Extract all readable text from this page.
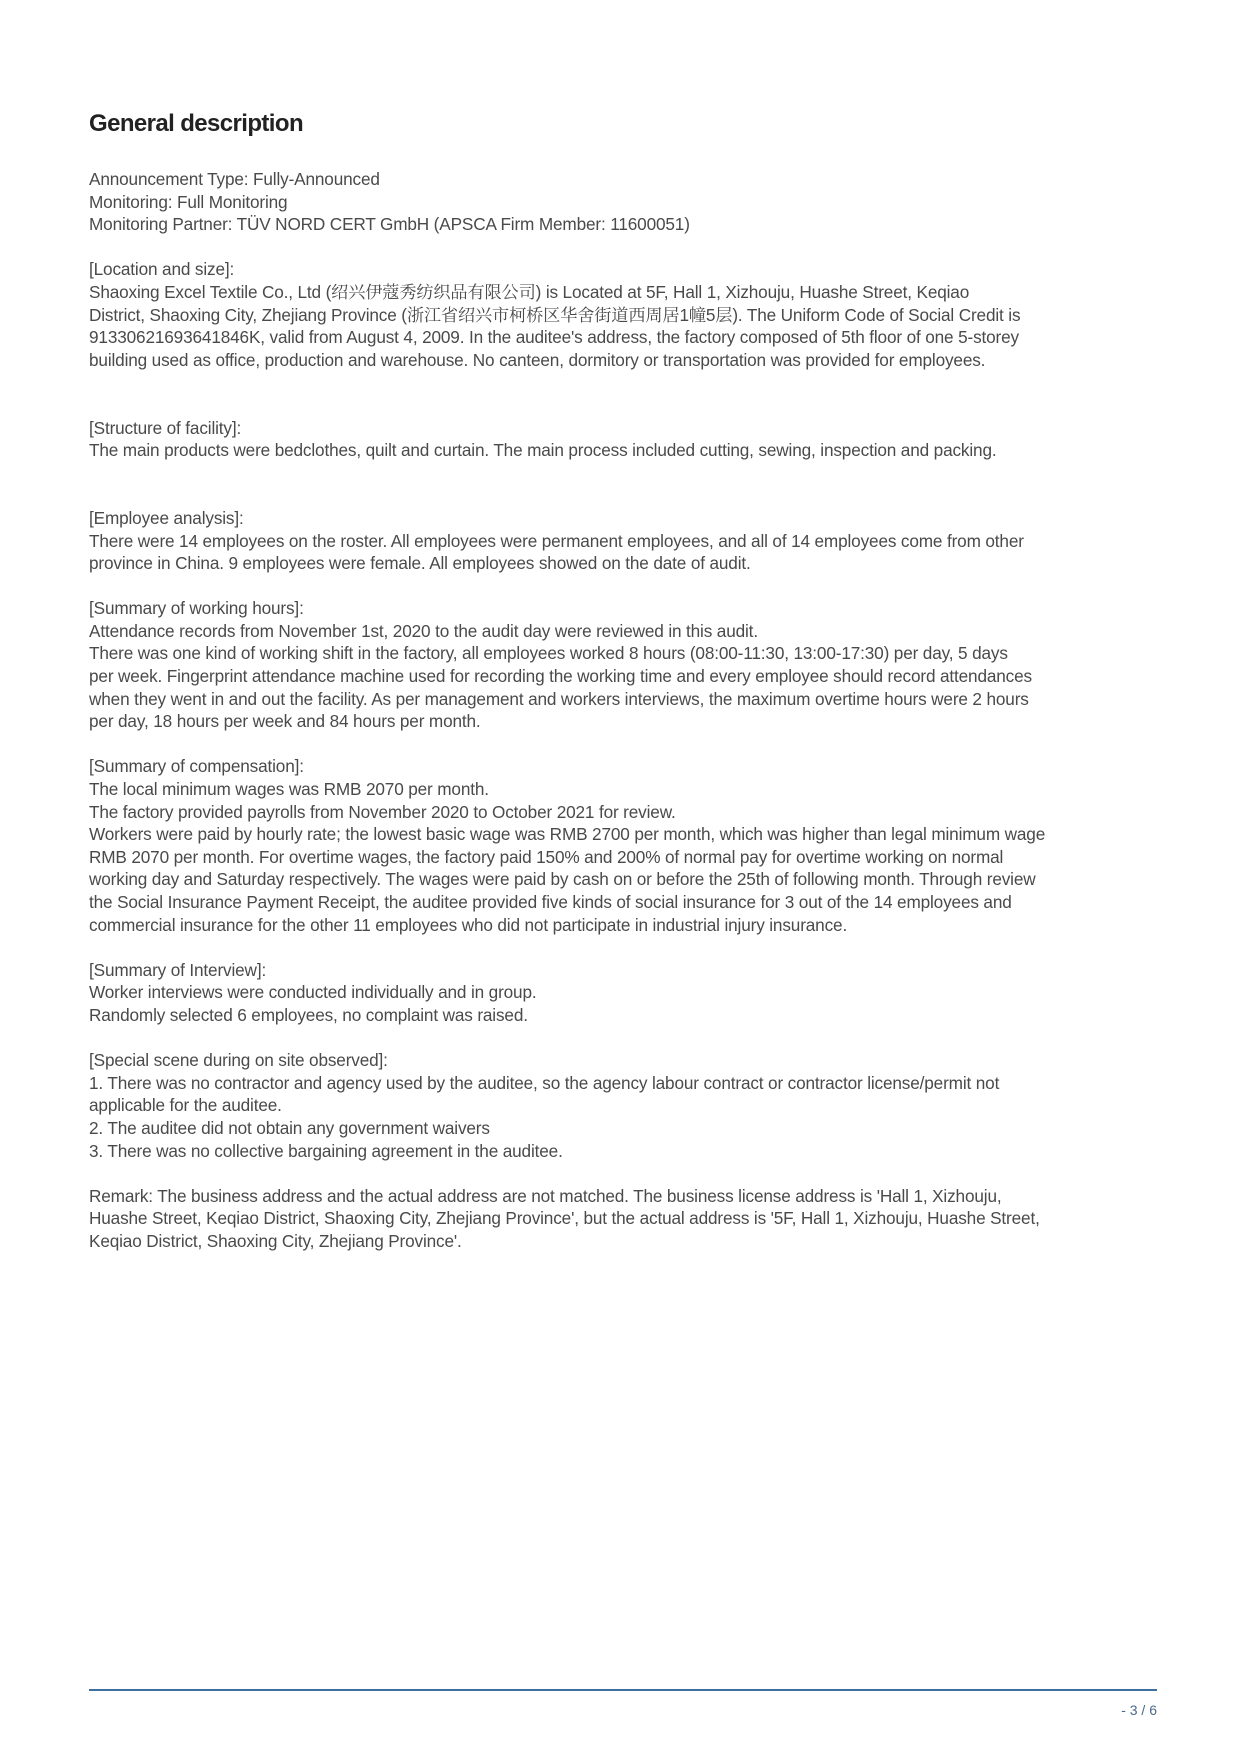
General description
Announcement Type: Fully-Announced
Monitoring: Full Monitoring
Monitoring Partner: TÜV NORD CERT GmbH (APSCA Firm Member: 11600051)
[Location and size]:
Shaoxing Excel Textile Co., Ltd (绍兴伊蔻秀纺织品有限公司) is Located at 5F, Hall 1, Xizhouju, Huashe Street, Keqiao
District, Shaoxing City, Zhejiang Province (浙江省绍兴市柯桥区华舍街道西周居1幢5层). The Uniform Code of Social Credit is
91330621693641846K, valid from August 4, 2009. In the auditee's address, the factory composed of 5th floor of one 5-storey
building used as office, production and warehouse. No canteen, dormitory or transportation was provided for employees.
[Structure of facility]:
The main products were bedclothes, quilt and curtain. The main process included cutting, sewing, inspection and packing.
[Employee analysis]:
There were 14 employees on the roster. All employees were permanent employees, and all of 14 employees come from other
province in China. 9 employees were female. All employees showed on the date of audit.
[Summary of working hours]:
Attendance records from November 1st, 2020 to the audit day were reviewed in this audit.
There was one kind of working shift in the factory, all employees worked 8 hours (08:00-11:30, 13:00-17:30) per day, 5 days
per week. Fingerprint attendance machine used for recording the working time and every employee should record attendances
when they went in and out the facility. As per management and workers interviews, the maximum overtime hours were 2 hours
per day, 18 hours per week and 84 hours per month.
[Summary of compensation]:
The local minimum wages was RMB 2070 per month.
The factory provided payrolls from November 2020 to October 2021 for review.
Workers were paid by hourly rate; the lowest basic wage was RMB 2700 per month, which was higher than legal minimum wage
RMB 2070 per month. For overtime wages, the factory paid 150% and 200% of normal pay for overtime working on normal
working day and Saturday respectively. The wages were paid by cash on or before the 25th of following month. Through review
the Social Insurance Payment Receipt, the auditee provided five kinds of social insurance for 3 out of the 14 employees and
commercial insurance for the other 11 employees who did not participate in industrial injury insurance.
[Summary of Interview]:
Worker interviews were conducted individually and in group.
Randomly selected 6 employees, no complaint was raised.
[Special scene during on site observed]:
1. There was no contractor and agency used by the auditee, so the agency labour contract or contractor license/permit not
applicable for the auditee.
2. The auditee did not obtain any government waivers
3. There was no collective bargaining agreement in the auditee.
Remark: The business address and the actual address are not matched. The business license address is 'Hall 1, Xizhouju,
Huashe Street, Keqiao District, Shaoxing City, Zhejiang Province', but the actual address is '5F, Hall 1, Xizhouju, Huashe Street,
Keqiao District, Shaoxing City, Zhejiang Province'.
- 3 / 6
